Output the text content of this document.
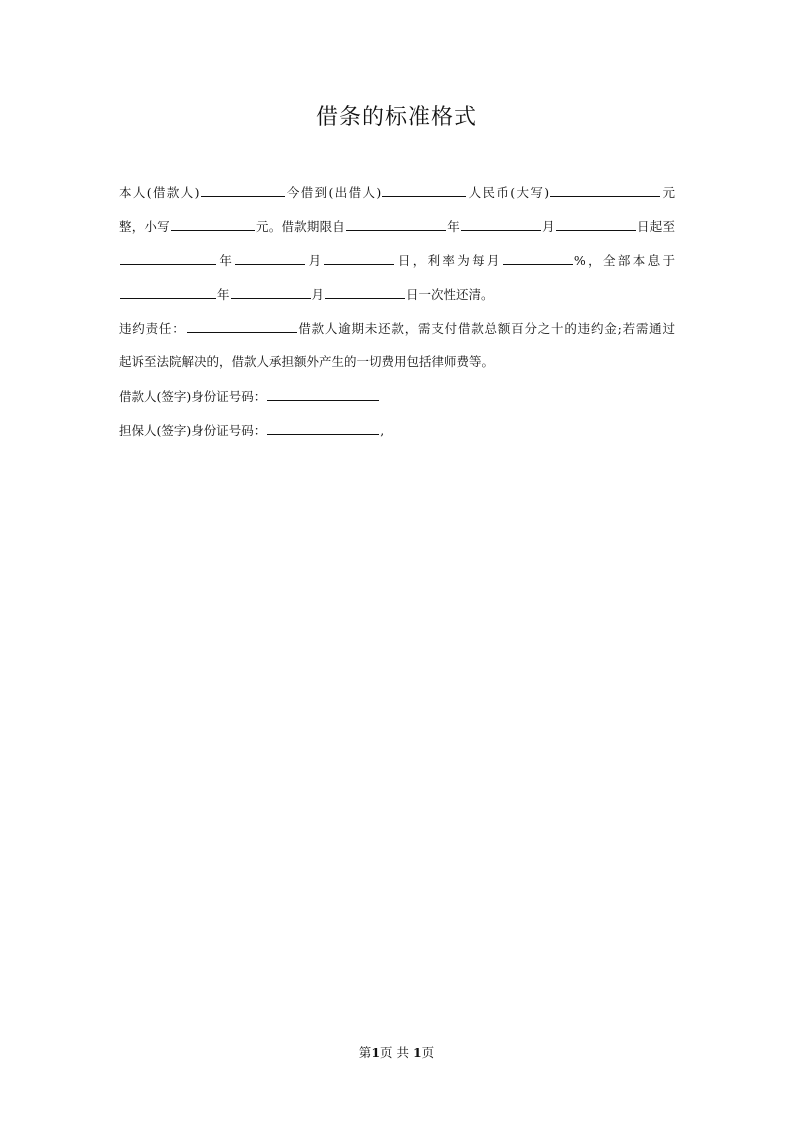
借条的标准格式
本人(借款人)	今借到(出借人)	人民币(大写)	元
整，小写	元。借款期限自	年	月	日起至
年	月	日，利率为每月	%，全部本息于
年	月	日一次性还清。
违约责任：	借款人逾期未还款，需支付借款总额百分之十的违约金;若需通过
起诉至法院解决的，借款人承担额外产生的一切费用包括律师费等。
借款人(签字)身份证号码：
担保人(签字)身份证号码：	,
第1页 共 1页
